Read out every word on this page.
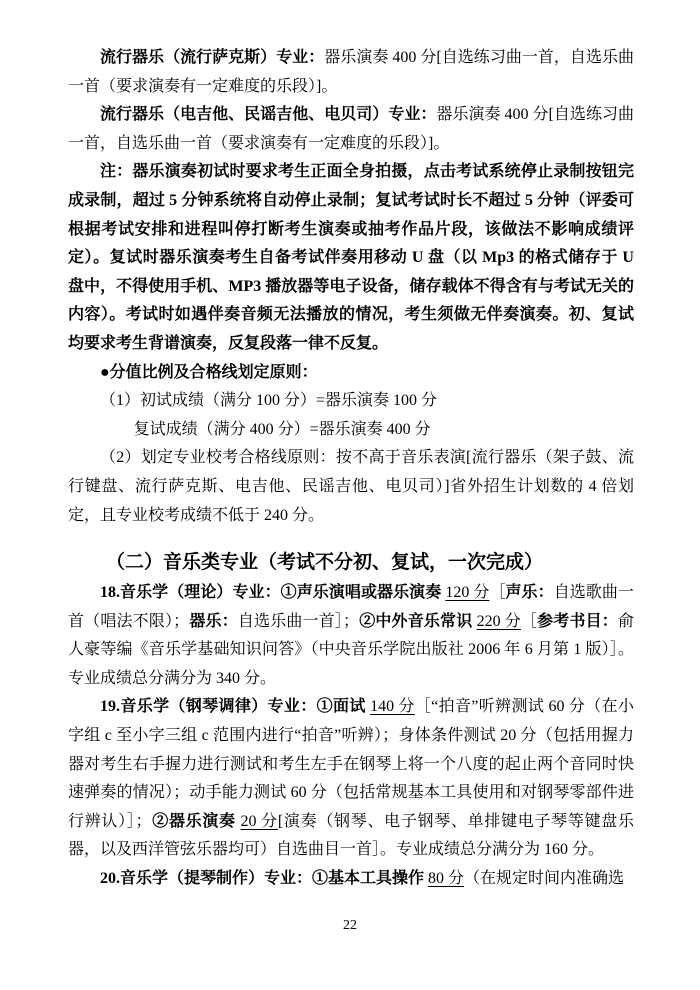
流行器乐（流行萨克斯）专业：器乐演奏 400 分[自选练习曲一首，自选乐曲一首（要求演奏有一定难度的乐段）]。

流行器乐（电吉他、民谣吉他、电贝司）专业：器乐演奏 400 分[自选练习曲一首，自选乐曲一首（要求演奏有一定难度的乐段）]。

注：器乐演奏初试时要求考生正面全身拍摄，点击考试系统停止录制按钮完成录制，超过 5 分钟系统将自动停止录制；复试考试时长不超过 5 分钟（评委可根据考试安排和进程叫停打断考生演奏或抽考作品片段，该做法不影响成绩评定）。复试时器乐演奏考生自备考试伴奏用移动 U 盘（以 Mp3 的格式储存于 U 盘中，不得使用手机、MP3 播放器等电子设备，储存载体不得含有与考试无关的内容）。考试时如遇伴奏音频无法播放的情况，考生须做无伴奏演奏。初、复试均要求考生背谱演奏，反复段落一律不反复。

●分值比例及合格线划定原则：

（1）初试成绩（满分 100 分）=器乐演奏 100 分

复试成绩（满分 400 分）=器乐演奏 400 分

（2）划定专业校考合格线原则：按不高于音乐表演[流行器乐（架子鼓、流行键盘、流行萨克斯、电吉他、民谣吉他、电贝司）]省外招生计划数的 4 倍划定，且专业校考成绩不低于 240 分。

（二）音乐类专业（考试不分初、复试，一次完成）

18.音乐学（理论）专业：①声乐演唱或器乐演奏 120 分［声乐：自选歌曲一首（唱法不限）；器乐：自选乐曲一首］；②中外音乐常识 220 分［参考书目：俞人豪等编《音乐学基础知识问答》（中央音乐学院出版社 2006 年 6 月第 1 版）］。专业成绩总分满分为 340 分。

19.音乐学（钢琴调律）专业：①面试 140 分［“拍音”听辨测试 60 分（在小字组 c 至小字三组 c 范围内进行“拍音”听辨）；身体条件测试 20 分（包括用握力器对考生右手握力进行测试和考生左手在钢琴上将一个八度的起止两个音同时快速弹奏的情况）；动手能力测试 60 分（包括常规基本工具使用和对钢琴零部件进行辨认）］；②器乐演奏 20 分[演奏（钢琴、电子钢琴、单排键电子琴等键盘乐器，以及西洋管弦乐器均可）自选曲目一首］。专业成绩总分满分为 160 分。

20.音乐学（提琴制作）专业：①基本工具操作 80 分（在规定时间内准确选

22
